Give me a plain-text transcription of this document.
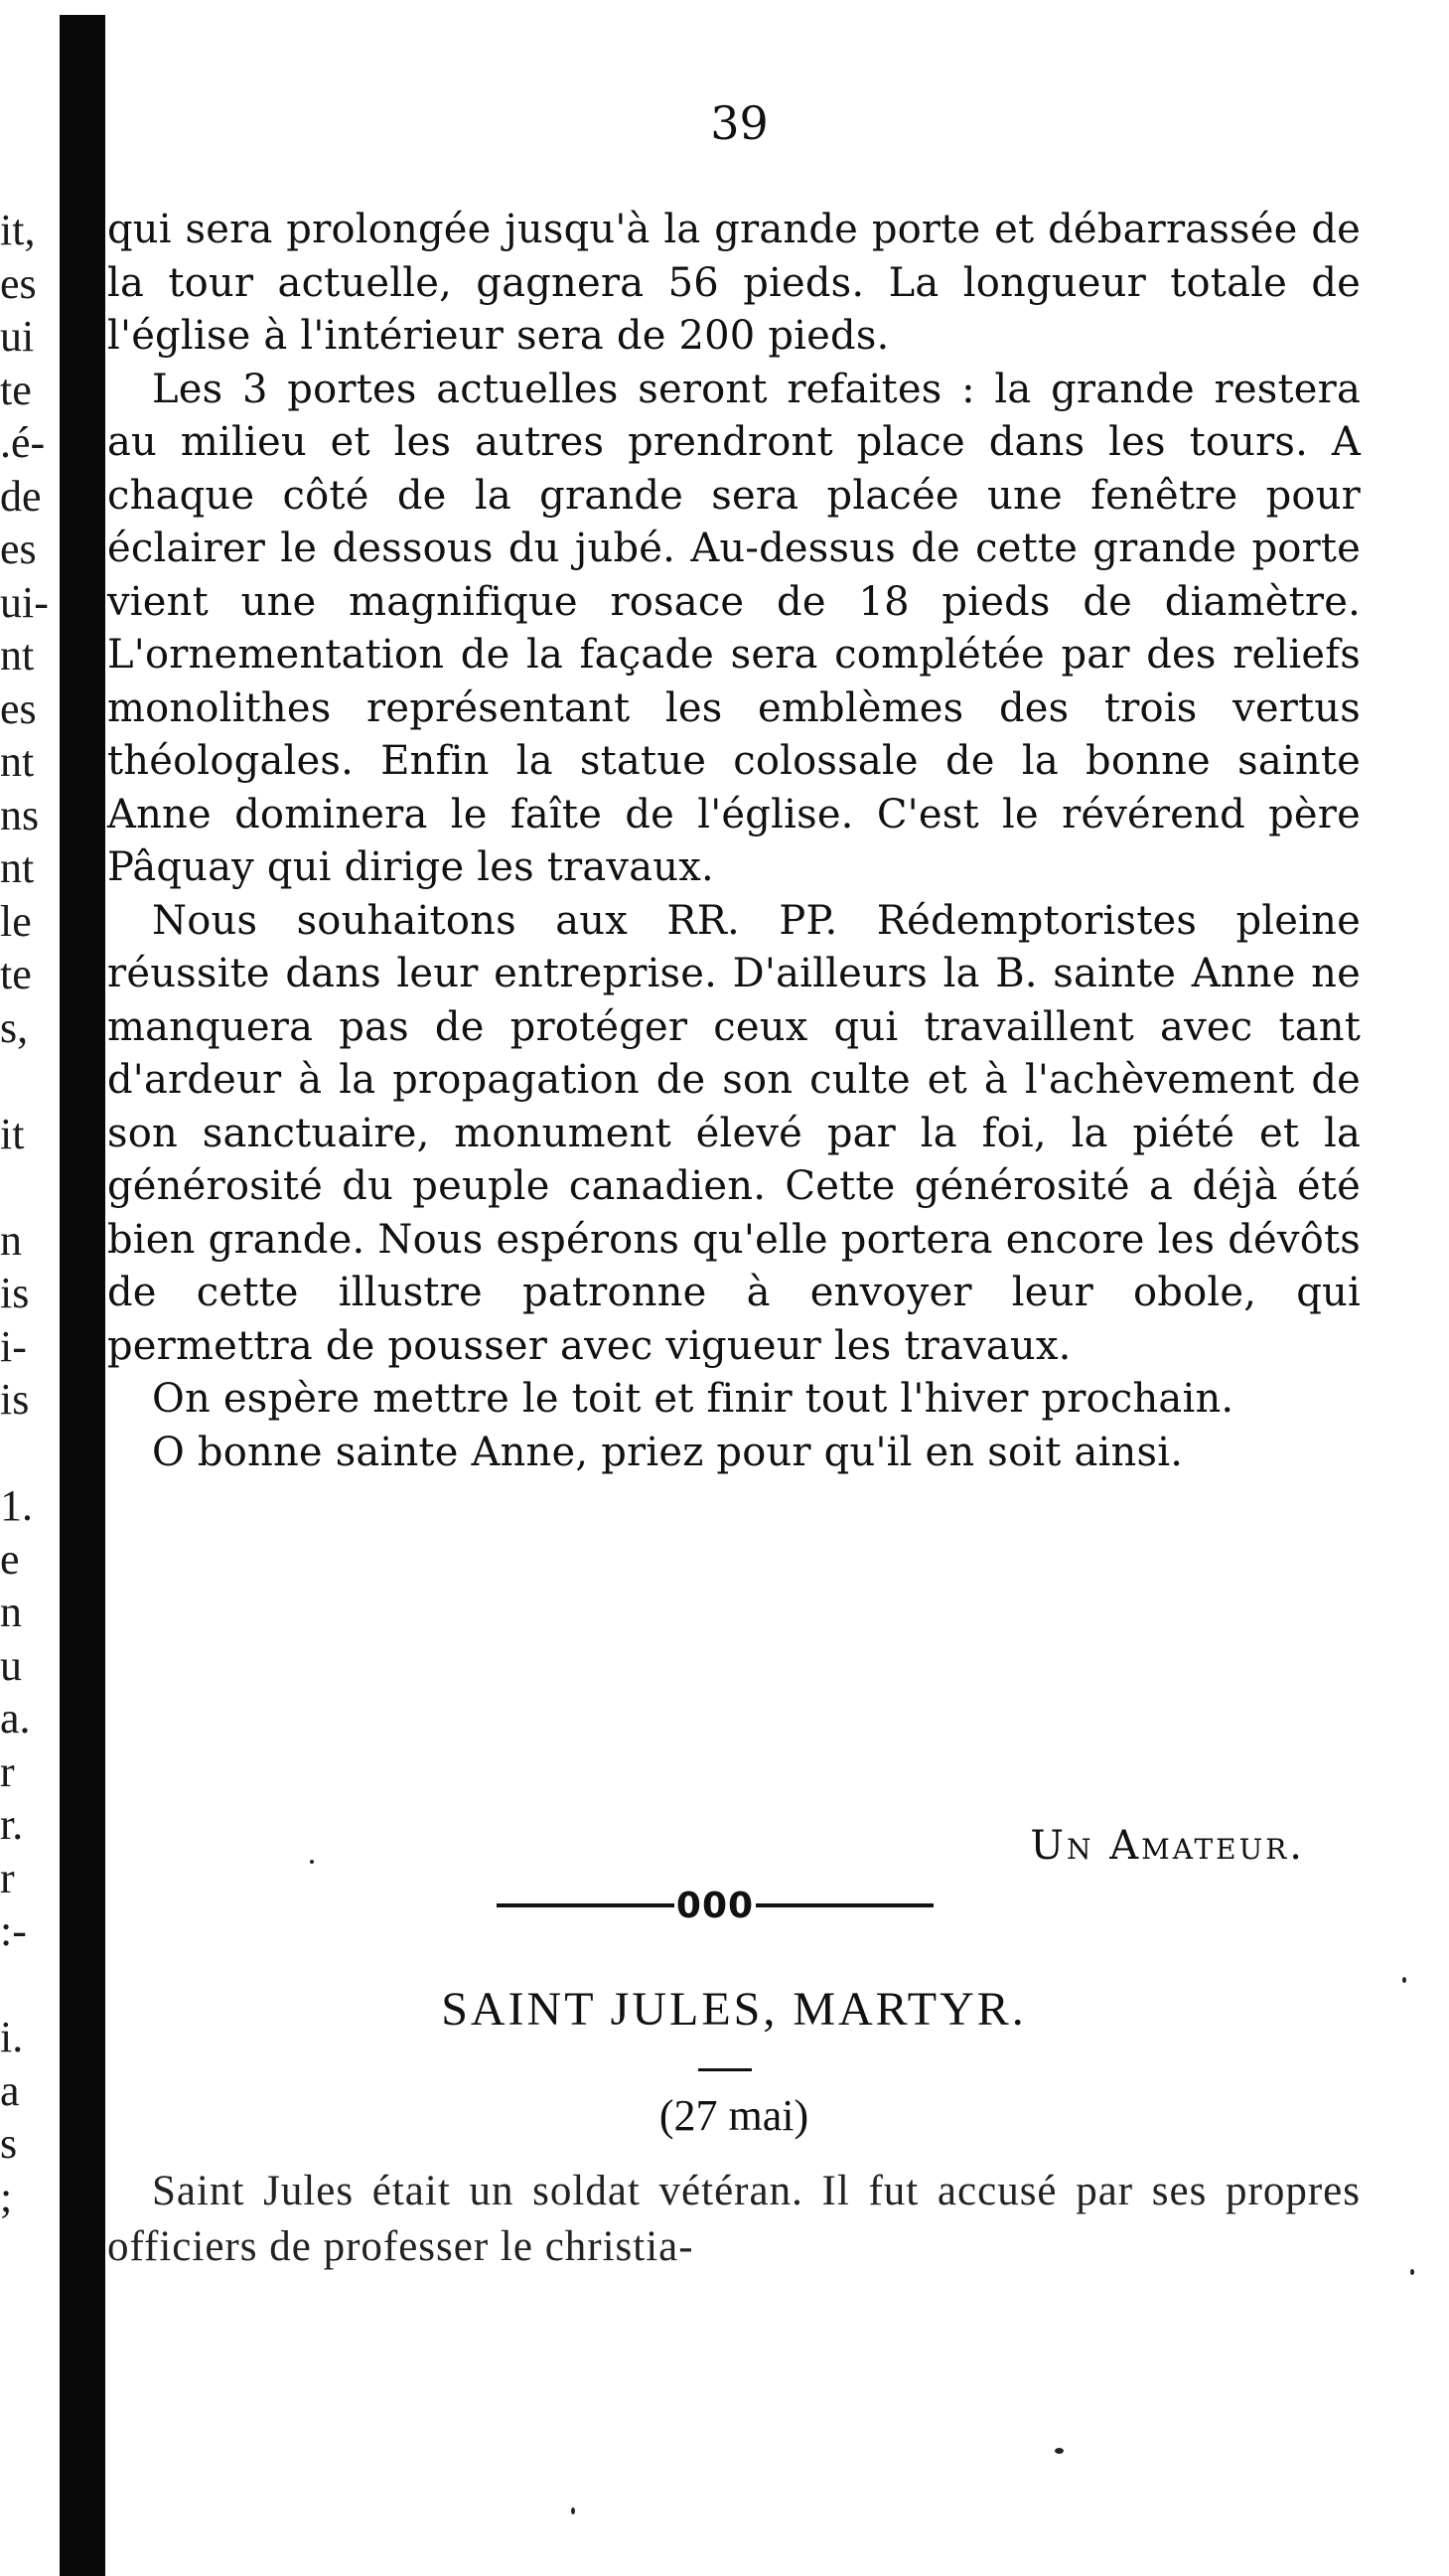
it,
es
ui
te
.é-
de
es
ui-
nt
es
nt
ns
nt
le
te
s,
it
n
is
i-
is
1.
e
n
u
a.
r
r.
r
:-
i.
a
s
;
39

qui sera prolongée jusqu'à la grande porte et débarrassée de la tour actuelle, gagnera 56 pieds. La longueur totale de l'église à l'intérieur sera de 200 pieds.

Les 3 portes actuelles seront refaites : la grande restera au milieu et les autres prendront place dans les tours. A chaque côté de la grande sera placée une fenêtre pour éclairer le dessous du jubé. Au-dessus de cette grande porte vient une magnifique rosace de 18 pieds de diamètre. L'ornementation de la façade sera complétée par des reliefs monolithes représentant les emblèmes des trois vertus théologales. Enfin la statue colossale de la bonne sainte Anne dominera le faîte de l'église. C'est le révérend père Pâquay qui dirige les travaux.

Nous souhaitons aux RR. PP. Rédemptoristes pleine réussite dans leur entreprise. D'ailleurs la B. sainte Anne ne manquera pas de protéger ceux qui travaillent avec tant d'ardeur à la propagation de son culte et à l'achèvement de son sanctuaire, monument élevé par la foi, la piété et la générosité du peuple canadien. Cette générosité a déjà été bien grande. Nous espérons qu'elle portera encore les dévôts de cette illustre patronne à envoyer leur obole, qui permettra de pousser avec vigueur les travaux.

On espère mettre le toit et finir tout l'hiver prochain.

O bonne sainte Anne, priez pour qu'il en soit ainsi.

Un Amateur.
000
SAINT JULES, MARTYR.
(27 mai)

Saint Jules était un soldat vétéran. Il fut accusé par ses propres officiers de professer le christia-
